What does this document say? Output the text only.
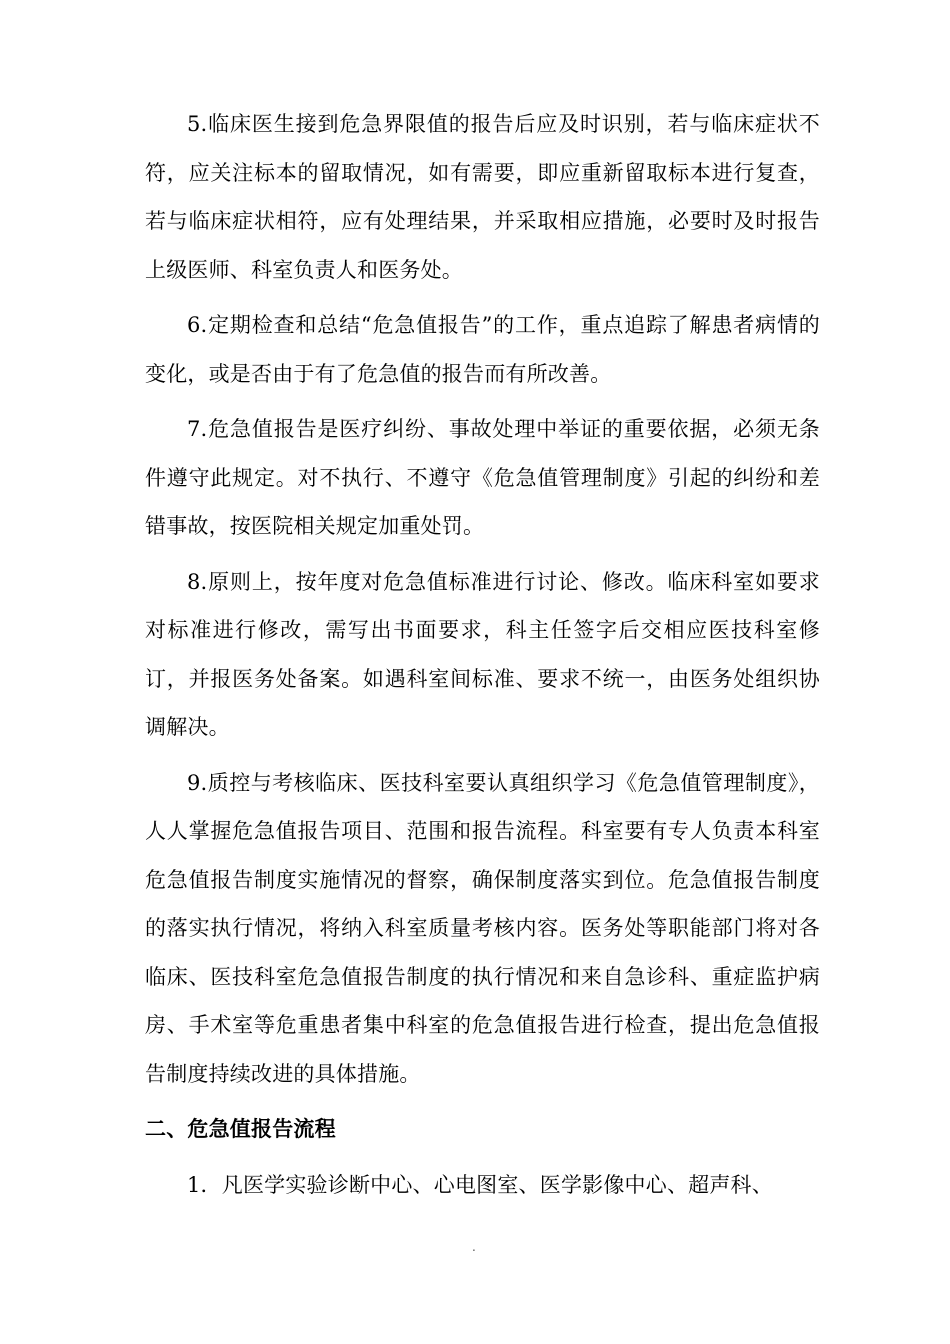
5.临床医生接到危急界限值的报告后应及时识别，若与临床症状不符，应关注标本的留取情况，如有需要，即应重新留取标本进行复查，若与临床症状相符，应有处理结果，并采取相应措施，必要时及时报告上级医师、科室负责人和医务处。

6.定期检查和总结“危急值报告”的工作，重点追踪了解患者病情的变化，或是否由于有了危急值的报告而有所改善。

7.危急值报告是医疗纠纷、事故处理中举证的重要依据，必须无条件遵守此规定。对不执行、不遵守《危急值管理制度》引起的纠纷和差错事故，按医院相关规定加重处罚。

8.原则上，按年度对危急值标准进行讨论、修改。临床科室如要求对标准进行修改，需写出书面要求，科主任签字后交相应医技科室修订，并报医务处备案。如遇科室间标准、要求不统一，由医务处组织协调解决。

9.质控与考核临床、医技科室要认真组织学习《危急值管理制度》，人人掌握危急值报告项目、范围和报告流程。科室要有专人负责本科室危急值报告制度实施情况的督察，确保制度落实到位。危急值报告制度的落实执行情况，将纳入科室质量考核内容。医务处等职能部门将对各临床、医技科室危急值报告制度的执行情况和来自急诊科、重症监护病房、手术室等危重患者集中科室的危急值报告进行检查，提出危急值报告制度持续改进的具体措施。

二、危急值报告流程

1．凡医学实验诊断中心、心电图室、医学影像中心、超声科、

.
